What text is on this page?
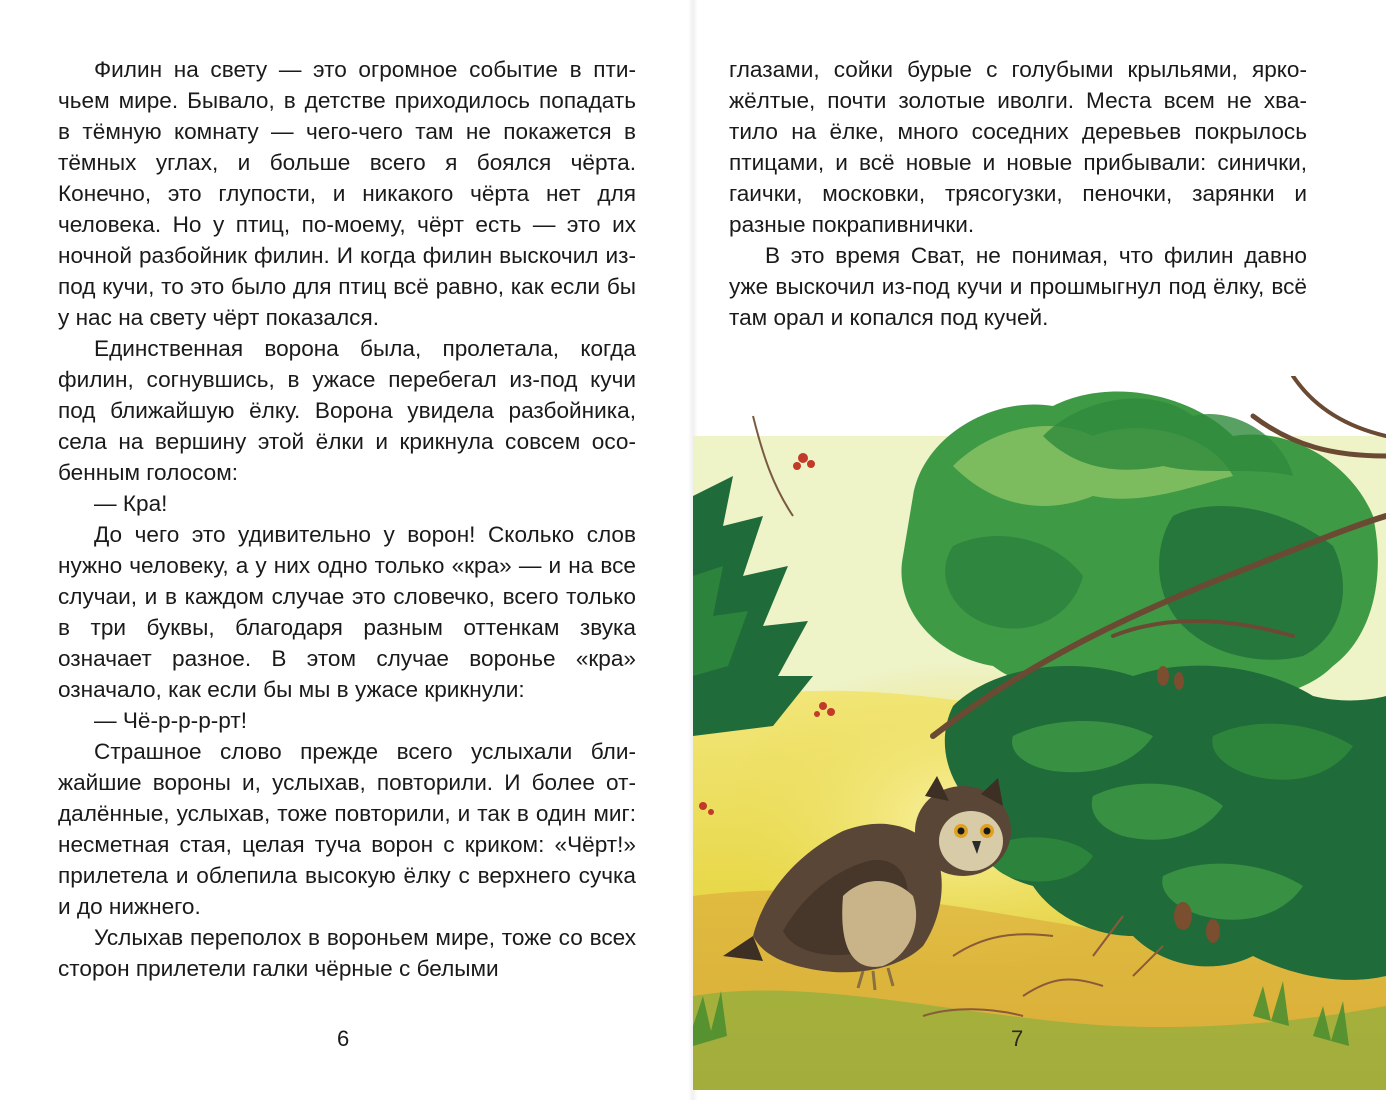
Филин на свету — это огромное событие в птичьем мире. Бывало, в детстве приходилось попадать в тёмную комнату — чего-чего там не покажется в тёмных углах, и больше всего я боялся чёрта. Конечно, это глупости, и никакого чёрта нет для человека. Но у птиц, по-моему, чёрт есть — это их ночной разбойник филин. И когда филин выскочил из-под кучи, то это было для птиц всё равно, как если бы у нас на свету чёрт показался.

Единственная ворона была, пролетала, когда филин, согнувшись, в ужасе перебегал из-под кучи под ближайшую ёлку. Ворона увидела разбойника, села на вершину этой ёлки и крикнула совсем особенным голосом:

— Кра!

До чего это удивительно у ворон! Сколько слов нужно человеку, а у них одно только «кра» — и на все случаи, и в каждом случае это словечко, всего только в три буквы, благодаря разным оттенкам звука означает разное. В этом случае воронье «кра» означало, как если бы мы в ужасе крикнули:

— Чё-р-р-р-рт!

Страшное слово прежде всего услыхали ближайшие вороны и, услыхав, повторили. И более отдалённые, услыхав, тоже повторили, и так в один миг: несметная стая, целая туча ворон с криком: «Чёрт!» прилетела и облепила высокую ёлку с верхнего сучка и до нижнего.

Услыхав переполох в вороньем мире, тоже со всех сторон прилетели галки чёрные с белыми

6

глазами, сойки бурые с голубыми крыльями, яркожёлтые, почти золотые иволги. Места всем не хватило на ёлке, много соседних деревьев покрылось птицами, и всё новые и новые прибывали: синички, гаички, московки, трясогузки, пеночки, зарянки и разные покрапивнички.

В это время Сват, не понимая, что филин давно уже выскочил из-под кучи и прошмыгнул под ёлку, всё там орал и копался под кучей.

7
